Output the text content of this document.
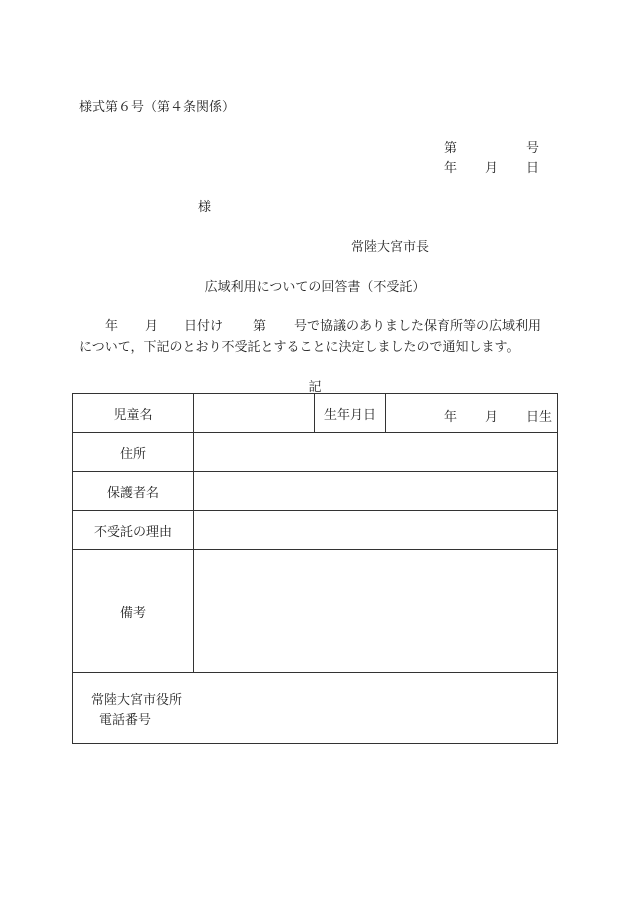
様式第６号（第４条関係）
第	号
年 月 日
様
常陸大宮市長
広域利用についての回答書（不受託）
年 月 日付け 第 号で協議のありました保育所等の広域利用
について，下記のとおり不受託とすることに決定しましたので通知します。
記
児童名		生年月日	年 月 日生

住所			
保護者名			
不受託の理由			
備考			

常陸大宮市役所
電話番号			
